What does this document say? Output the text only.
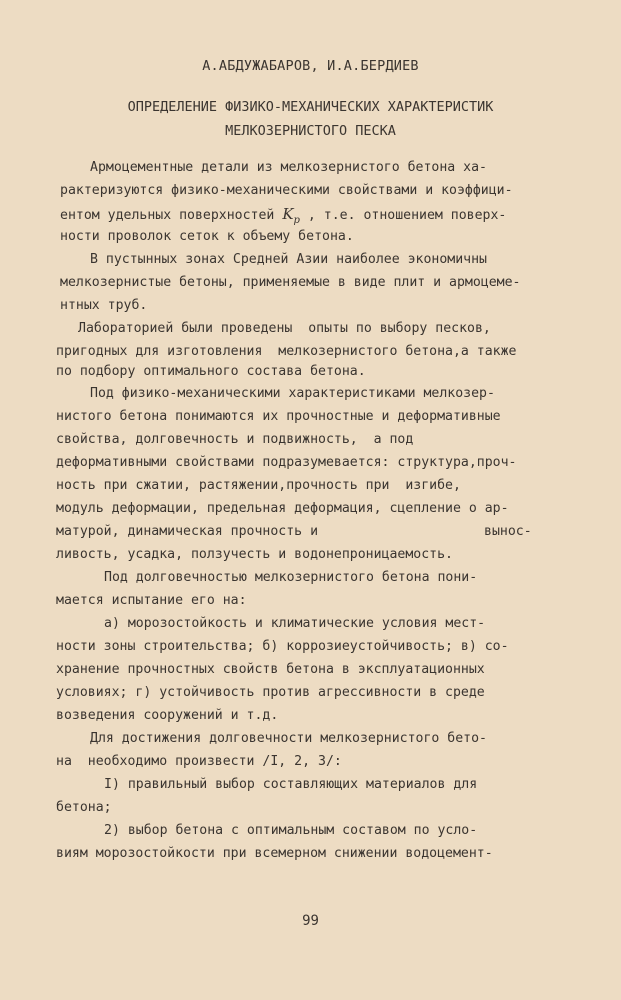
А.АБДУЖАБАРОВ, И.А.БЕРДИЕВ
ОПРЕДЕЛЕНИЕ ФИЗИКО-МЕХАНИЧЕСКИХ ХАРАКТЕРИСТИК
МЕЛКОЗЕРНИСТОГО ПЕСКА
Армоцементные детали из мелкозернистого бетона ха-
рактеризуются физико-механическими свойствами и коэффици-
ентом удельных поверхностей $K_p$ , т.е. отношением поверх-
ности проволок сеток к объему бетона.
В пустынных зонах Средней Азии наиболее экономичны
мелкозернистые бетоны, применяемые в виде плит и армоцеме-
нтных труб.
Лабораторией были проведены  опыты по выбору песков,
пригодных для изготовления  мелкозернистого бетона,а также
по подбору оптимального состава бетона.
Под физико-механическими характеристиками мелкозер-
нистого бетона понимаются их прочностные и деформативные
свойства, долговечность и подвижность,  а под
деформативными свойствами подразумевается: структура,проч-
ность при сжатии, растяжении,прочность при  изгибе,
модуль деформации, предельная деформация, сцепление о ар-
матурой, динамическая прочность и	вынос-
ливость, усадка, ползучесть и водонепроницаемость.
Под долговечностью мелкозернистого бетона пони-
мается испытание его на:
а) морозостойкость и климатические условия мест-
ности зоны строительства; б) коррозиеустойчивость; в) со-
хранение прочностных свойств бетона в эксплуатационных
условиях; г) устойчивость против агрессивности в среде
возведения сооружений и т.д.
Для достижения долговечности мелкозернистого бето-
на  необходимо произвести /I, 2, 3/:
I) правильный выбор составляющих материалов для
бетона;
2) выбор бетона с оптимальным составом по усло-
виям морозостойкости при всемерном снижении водоцемент-
99
